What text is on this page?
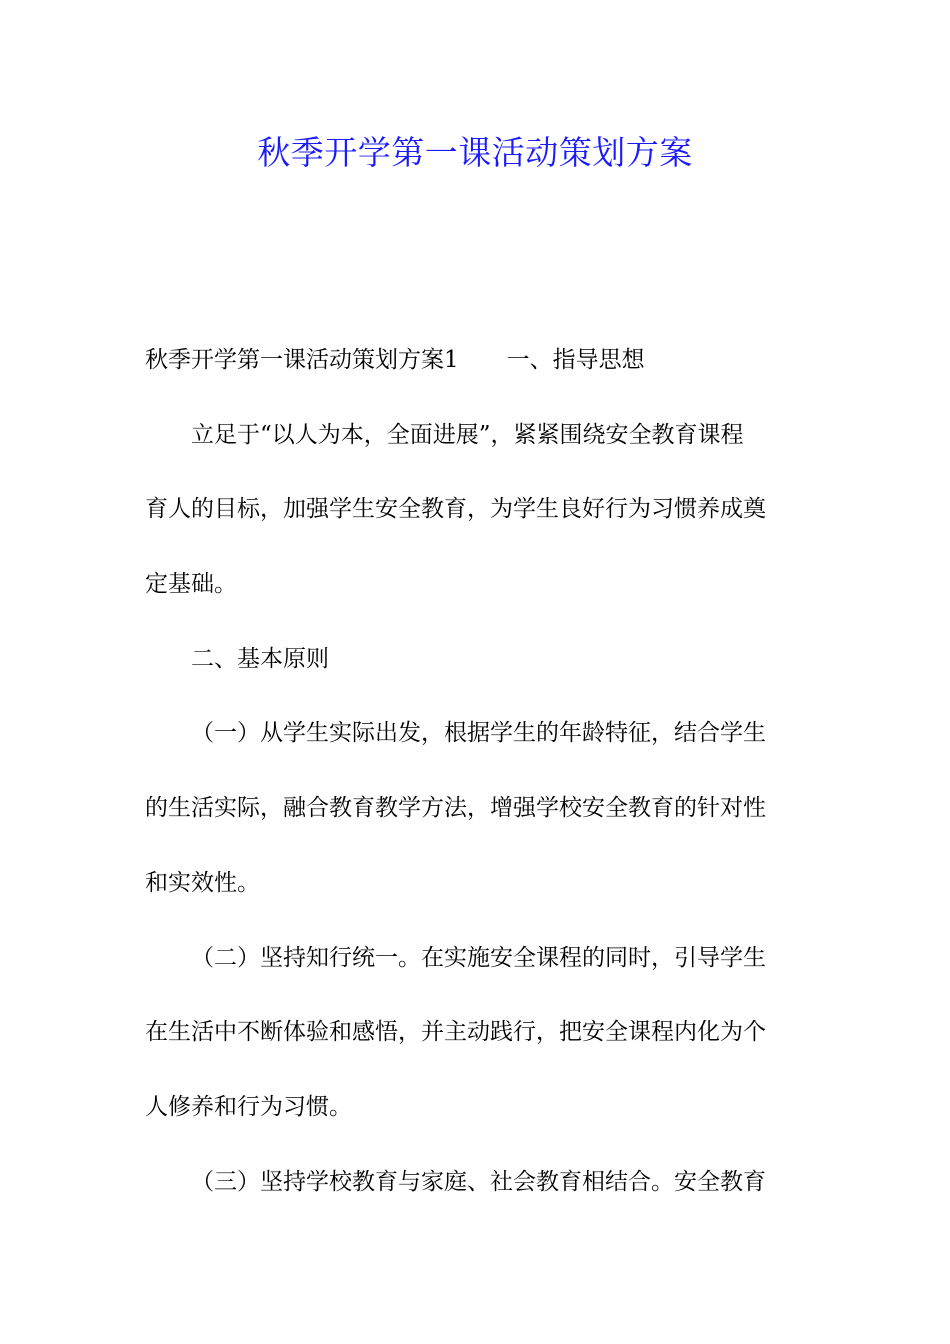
秋季开学第一课活动策划方案
秋季开学第一课活动策划方案1 一、指导思想
立足于“以人为本，全面进展”，紧紧围绕安全教育课程
育人的目标，加强学生安全教育，为学生良好行为习惯养成奠
定基础。
二、基本原则
（一）从学生实际出发，根据学生的年龄特征，结合学生
的生活实际，融合教育教学方法，增强学校安全教育的针对性
和实效性。
（二）坚持知行统一。在实施安全课程的同时，引导学生
在生活中不断体验和感悟，并主动践行，把安全课程内化为个
人修养和行为习惯。
（三）坚持学校教育与家庭、社会教育相结合。安全教育
